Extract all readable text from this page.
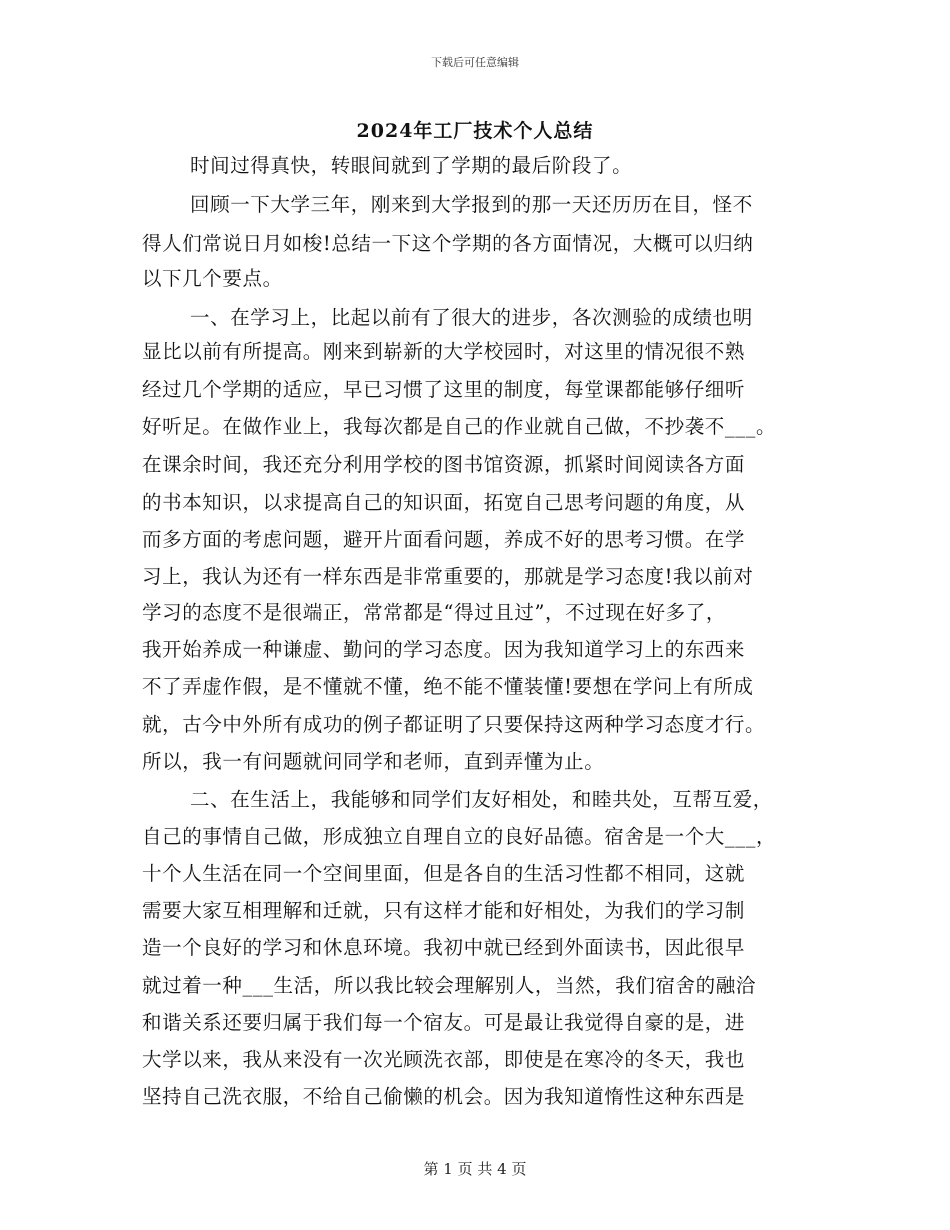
下载后可任意编辑
2024年工厂技术个人总结
时间过得真快，转眼间就到了学期的最后阶段了。
回顾一下大学三年，刚来到大学报到的那一天还历历在目，怪不
得人们常说日月如梭!总结一下这个学期的各方面情况，大概可以归纳
以下几个要点。
一、在学习上，比起以前有了很大的进步，各次测验的成绩也明
显比以前有所提高。刚来到崭新的大学校园时，对这里的情况很不熟
经过几个学期的适应，早已习惯了这里的制度，每堂课都能够仔细听
好听足。在做作业上，我每次都是自己的作业就自己做，不抄袭不___。
在课余时间，我还充分利用学校的图书馆资源，抓紧时间阅读各方面
的书本知识，以求提高自己的知识面，拓宽自己思考问题的角度，从
而多方面的考虑问题，避开片面看问题，养成不好的思考习惯。在学
习上，我认为还有一样东西是非常重要的，那就是学习态度!我以前对
学习的态度不是很端正，常常都是“得过且过”，不过现在好多了，
我开始养成一种谦虚、勤问的学习态度。因为我知道学习上的东西来
不了弄虚作假，是不懂就不懂，绝不能不懂装懂!要想在学问上有所成
就，古今中外所有成功的例子都证明了只要保持这两种学习态度才行。
所以，我一有问题就问同学和老师，直到弄懂为止。
二、在生活上，我能够和同学们友好相处，和睦共处，互帮互爱，
自己的事情自己做，形成独立自理自立的良好品德。宿舍是一个大___，
十个人生活在同一个空间里面，但是各自的生活习性都不相同，这就
需要大家互相理解和迁就，只有这样才能和好相处，为我们的学习制
造一个良好的学习和休息环境。我初中就已经到外面读书，因此很早
就过着一种___生活，所以我比较会理解别人，当然，我们宿舍的融洽
和谐关系还要归属于我们每一个宿友。可是最让我觉得自豪的是，进
大学以来，我从来没有一次光顾洗衣部，即使是在寒冷的冬天，我也
坚持自己洗衣服，不给自己偷懒的机会。因为我知道惰性这种东西是
第 1 页 共 4 页
